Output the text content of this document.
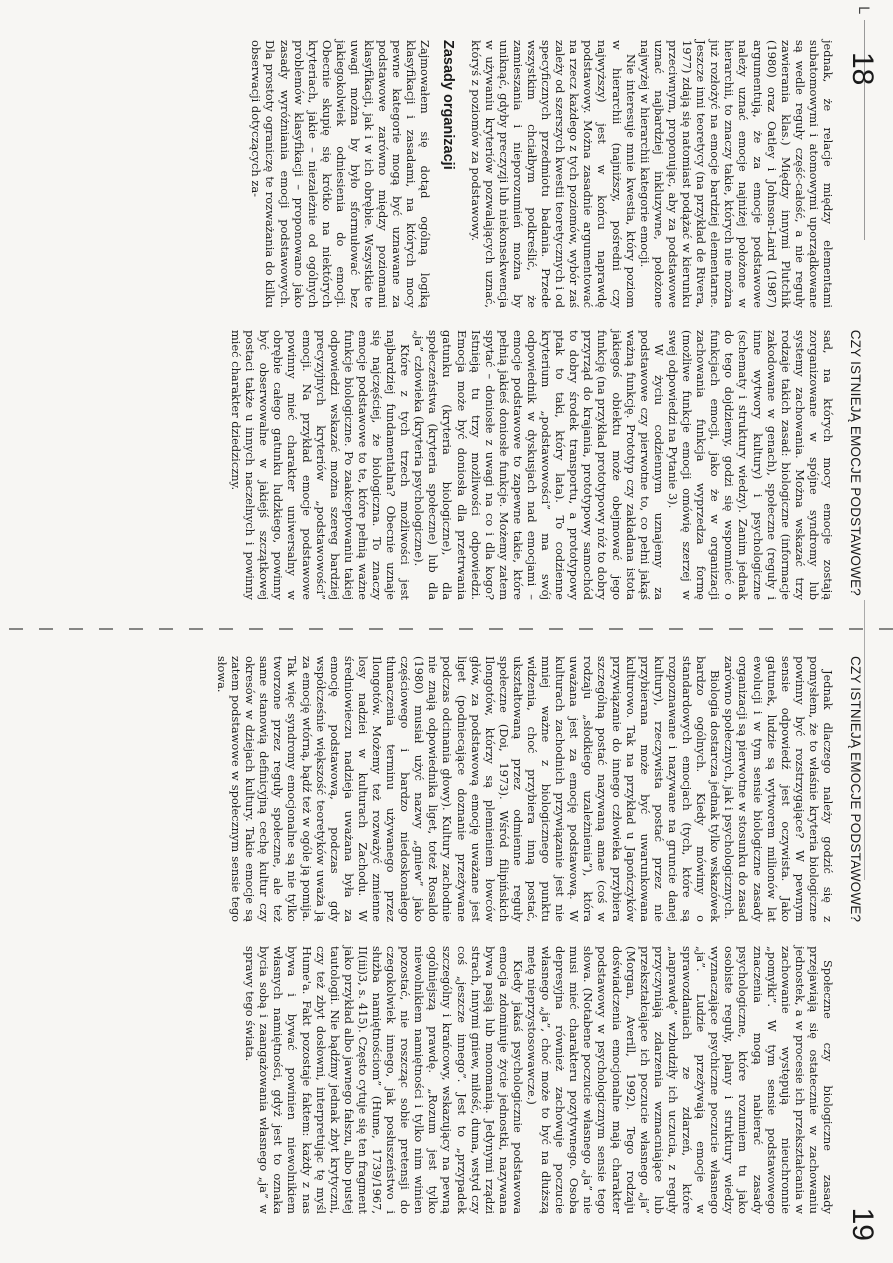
L
18
CZY ISTNIEJĄ EMOCJE PODSTAWOWE?

jednak, że relacje między elementami subatomowymi i atomowymi uporządkowane są wedle reguły część-całość, a nie reguły zawierania klas.) Między innymi Plutchik (1980) oraz Oatley i Johnson-Laird (1987) argumentują, że za emocje podstawowe należy uznać emocje najniżej położone w hierarchii, to znaczy takie, których nie można już rozłożyć na emocje bardziej elementarne. Jeszcze inni teoretycy (na przykład de Rivera, 1977) zdają się natomiast podążać w kierunku przeciwnym, proponując, aby za podstawowe uznać najbardziej inkluzywne, położone najwyżej w hierarchii kategorie emocji.

Nie interesuje mnie kwestia, który poziom w hierarchii (najniższy, pośredni czy najwyższy) jest w końcu naprawdę podstawowy. Można zasadnie argumentować na rzecz każdego z tych poziomów, wybór zaś zależy od szerszych kwestii teoretycznych i od specyficznych przedmiotu badania. Przede wszystkim chciałbym podkreślić, że zamieszania i nieporozumień można by uniknąć, gdyby preczyzji lub niekonsekwencja w używaniu kryteriów pozwalających uznać, któryś z poziomów za podstawowy.

Zasady organizacji

Zajmowałem się dotąd ogólną logiką klasyfikacji i zasadami, na których mocy pewne kategorie mogą być uznawane za podstawowe zarówno między poziomami klasyfikacji, jak i w ich obrębie. Wszystkie te uwagi można by było sformułować bez jakiegokolwiek odniesienia do emocji. Obecnie skupię się krótko na niektórych kryteriach, jakie – niezależnie od ogólnych problemów klasyfikacji – proponowano jako zasady wyróżniania emocji podstawowych. Dla prostoty ograniczę te rozważania do kilku obserwacji dotyczących za-

sad, na których mocy emocje zostają zorganizowane w spójne syndromy lub systemy zachowania. Można wskazać trzy rodzaje takich zasad: biologiczne (informacje zakodowane w genach), społeczne (reguły i inne wytwory kultury) i psychologiczne (schematy i struktury wiedzy). Zanim jednak do tego dojdziemy, godzi się wspomnieć o funkcjach emocji, jako że w organizacji zachowania funkcja wyprzedza formę (możliwe funkcje emocji omówię szerzej w swej odpowiedzi na Pytanie 3).

W życiu codziennym uznajemy za podstawowe czy pierwotne to, co pełni jakąś ważną funkcję. Prototyp czy zakładana istota jakiegoś obiektu może obejmować jego funkcję (na przykład prototypowy nóż to dobry przyrząd do krajania, prototypowy samochód to dobry środek transportu, a prototypowy ptak to taki, który lata). To codzienne kryterium „podstawowości” ma swój odpowiednik w dyskusjach nad emocjami – emocje podstawowe to zapewne takie, które pełnią jakieś doniosłe funkcje. Możemy zatem spytać – doniosłe z uwagi na co i dla kogo? Istnieją tu trzy możliwości odpowiedzi. Emocja może być doniosła dla przetrwania gatunku (kryteria biologiczne), dla społeczeństwa (kryteria społeczne) lub dla „ja” człowieka (kryteria psychologiczne).

Które z tych trzech możliwości jest najbardziej fundamentalna? Obecnie uznaje się najczęściej, że biologiczna. To znaczy emocje podstawowe to te, które pełnią ważne funkcje biologiczne. Po zaakceptowaniu takiej odpowiedzi wskazać można szereg bardziej precyzyjnych kryteriów „podstawowości” emocji. Na przykład emocje podstawowe powinny mieć charakter uniwersalny w obrębie całego gatunku ludzkiego, powinny być obserwowalne w jakiejś szczątkowej postaci także u innych naczelnych i powinny mieć charakter dziedziczny.

CZY ISTNIEJĄ EMOCJE PODSTAWOWE?
19

Jednak dlaczego należy godzić się z pomysłem, że to właśnie kryteria biologiczne powinny być rozstrzygające? W pewnym sensie odpowiedź jest oczywista. Jako gatunek, ludzie są wytworem milionów lat ewolucji i w tym sensie biologiczne zasady organizacji są pierwotne w stosunku do zasad zarówno społecznych, jak i psychologicznych.

Biologia dostarcza jednak tylko wskazówek bardzo ogólnych. Kiedy mówimy o standardowych emocjach (tych, które są rozpoznawane i nazywane na gruncie danej kultury), rzeczywista postać przez nie przybierana może być uwarunkowana kulturowo. Tak na przykład u Japończyków przywiązanie do innego człowieka przybiera szczególną postać nazywaną amae (coś w rodzaju „słodkiego uzależnienia”), która uważana jest za emocję podstawową. W kulturach zachodnich przywiązanie jest nie mniej ważne z biologicznego punktu widzenia, choć przybiera inną postać, ukształtowaną przez odmienne reguły społeczne (Doi, 1973). Wśród filipińskich Ilongotów, którzy są plemieniem łowców głów, za podstawową emocję uważane jest liget (podniecające doznanie przeżywane podczas odcinania głowy). Kultury zachodnie nie znają odpowiednika liget, toteż Rosaldo (1980) musiał użyć nazwy „gniew” jako częściowego i bardzo niedoskonałego tłumaczenia terminu używanego przez Ilongotów. Możemy też rozważyć zmienne losy nadziei w kulturach Zachodu. W średniowieczu nadzieja uważana była za emocję podstawową, podczas gdy współcześnie większość teoretyków uważa ją za emocję wtórną, bądź też w ogóle ją pomija. Tak więc syndromy emocjonalne są nie tylko tworzone przez reguły społeczne, ale też same stanowią definicyjną cechę kultur czy okresów w dziejach kultury. Takie emocje są zatem podstawowe w społecznym sensie tego słowa.

Społeczne czy biologiczne zasady przejawiają się ostatecznie w zachowaniu jednostek, a w procesie ich przekształcania w zachowanie występują nieuchronnie „pomyłki”. W tym sensie podstawowego znaczenia mogą nabierać zasady psychologiczne, które rozumiem tu jako osobiste reguły, plany i struktury wiedzy wyznaczające psychiczne poczucie własnego „ja”. Ludzie przeżywają emocje w sprawozdaniach ze zdarzeń, które „naprawdę” wzbudziły ich uczucia, z reguły przyczyniają zdarzenia wzmacniające lub przekształcające ich poczucie własnego „ja” (Morgan, Averill, 1992). Tego rodzaju doświadczenia emocjonalne mają charakter podstawowy w psychologicznym sensie tego słowa. (Notabene poczucie własnego „ja” nie musi mieć charakteru pozytywnego. Osoba depresyjna również zachowuje poczucie własnego „ja”, choć może to być na dłuższą metę nieprzystosowawcze.)

Kiedy jakaś psychologicznie podstawowa emocja zdominuje życie jednostki, nazywana bywa pasją lub monomanią. Jedynymi rządzi strach, innymi gniew, miłość, duma, wstyd czy coś „jeszcze innego”. Jest to „przypadek szczególny i krańcowy, wskazujący na pewną ogólniejszą prawdę. „Rozum jest tylko niewolnikiem namiętności i tylko nim winien pozostać, nie roszcząc sobie pretensji do czegokolwiek innego, jak posłuszeństwo i służba namiętnościom” (Hume, 1739/1967, II(iii)3, s. 415). Często cytuje się ten fragment jako przykład albo jawnego fałszu, albo pustej tautologii. Nie bądźmy jednak zbyt krytyczni, czy też zbyt dosłowni, interpretując tę myśl Hume'a. Fakt pozostaje faktem: każdy z nas bywa i bywać powinien niewolnikiem własnych namiętności, gdyż jest to oznaka bycia sobą i zaangażowania własnego „ja” w sprawy tego świata.
